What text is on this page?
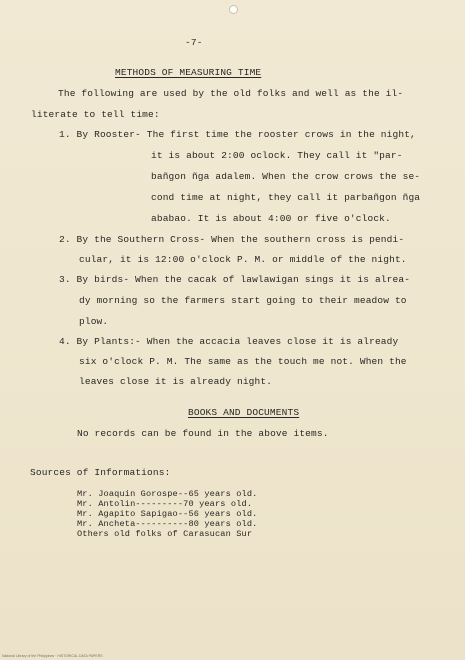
-7-
METHODS OF MEASURING TIME
The following are used by the old folks and well as the il-
literate to tell time:
1. By Rooster- The first time the rooster crows in the night,
it is about 2:00 oclock. They call it "par-
bañgon ñga adalem. When the crow crows the se-
cond time at night, they call it parbañgon ñga
ababao. It is about 4:00 or five o'clock.
2. By the Southern Cross- When the southern cross is pendi-
cular, it is 12:00 o'clock P. M. or middle of the night.
3. By birds- When the cacak of lawlawigan sings it is alrea-
dy morning so the farmers start going to their meadow to
plow.
4. By Plants:- When the accacia leaves close it is already
six o'clock P. M. The same as the touch me not. When the
leaves close it is already night.
BOOKS AND DOCUMENTS
No records can be found in the above items.
Sources of Informations:
Mr. Joaquin Gorospe--65 years old.
Mr. Antolin---------70 years old.
Mr. Agapito Sapigao--56 years old.
Mr. Ancheta----------80 years old.
Others old folks of Carasucan Sur
National Library of the Philippines · HISTORICAL DATA PAPERS
